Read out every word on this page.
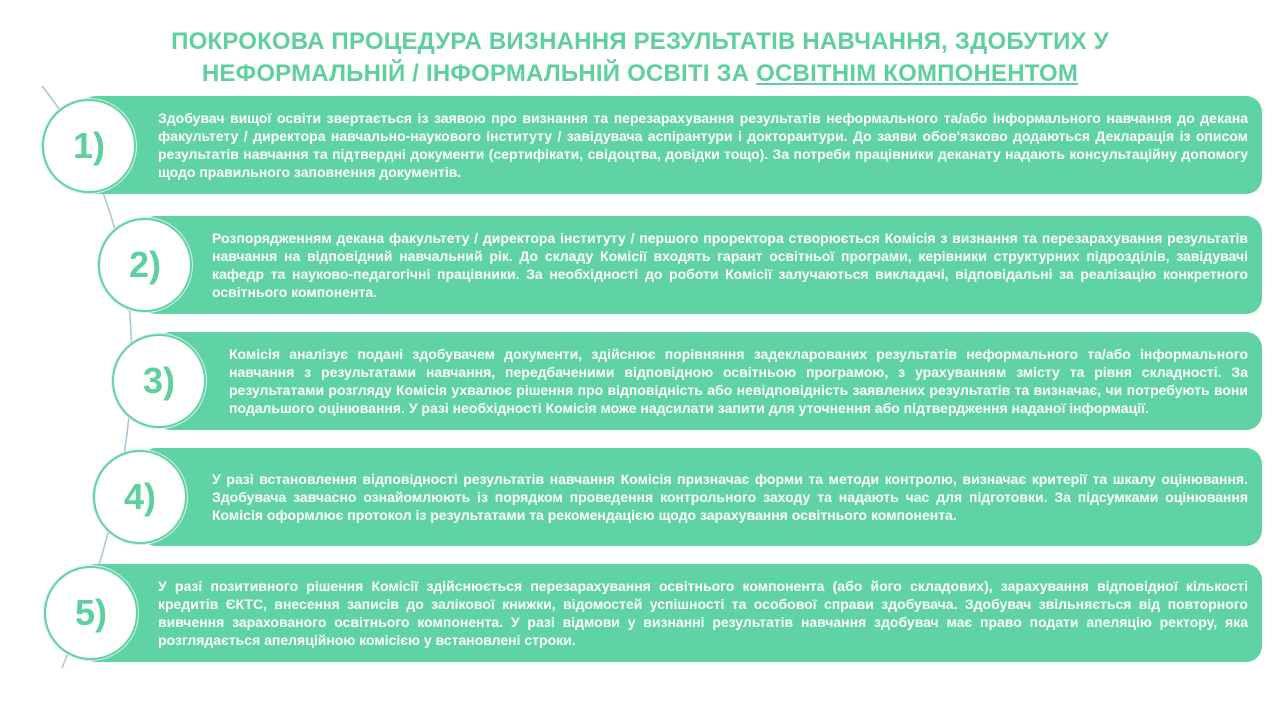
ПОКРОКОВА ПРОЦЕДУРА ВИЗНАННЯ РЕЗУЛЬТАТІВ НАВЧАННЯ, ЗДОБУТИХ У
НЕФОРМАЛЬНІЙ / ІНФОРМАЛЬНІЙ ОСВІТІ ЗА ОСВІТНІМ КОМПОНЕНТОМ
Здобувач вищої освіти звертається із заявою про визнання та перезарахування результатів неформального та/або інформального навчання до декана факультету / директора навчально-наукового інституту / завідувача аспірантури і докторантури. До заяви обов'язково додаються Декларація із описом результатів навчання та підтвердні документи (сертифікати, свідоцтва, довідки тощо). За потреби працівники деканату надають консультаційну допомогу щодо правильного заповнення документів.
1)
Розпорядженням декана факультету / директора інституту / першого проректора створюється Комісія з визнання та перезарахування результатів навчання на відповідний навчальний рік. До складу Комісії входять гарант освітньої програми, керівники структурних підрозділів, завідувачі кафедр та науково-педагогічні працівники. За необхідності до роботи Комісії залучаються викладачі, відповідальні за реалізацію конкретного освітнього компонента.
2)
Комісія аналізує подані здобувачем документи, здійснює порівняння задекларованих результатів неформального та/або інформального навчання з результатами навчання, передбаченими відповідною освітньою програмою, з урахуванням змісту та рівня складності. За результатами розгляду Комісія ухвалює рішення про відповідність або невідповідність заявлених результатів та визначає, чи потребують вони подальшого оцінювання. У разі необхідності Комісія може надсилати запити для уточнення або підтвердження наданої інформації.
3)
У разі встановлення відповідності результатів навчання Комісія призначає форми та методи контролю, визначає критерії та шкалу оцінювання. Здобувача завчасно ознайомлюють із порядком проведення контрольного заходу та надають час для підготовки. За підсумками оцінювання Комісія оформлює протокол із результатами та рекомендацією щодо зарахування освітнього компонента.
4)
У разі позитивного рішення Комісії здійснюється перезарахування освітнього компонента (або його складових), зарахування відповідної кількості кредитів ЄКТС, внесення записів до залікової книжки, відомостей успішності та особової справи здобувача. Здобувач звільняється від повторного вивчення зарахованого освітнього компонента. У разі відмови у визнанні результатів навчання здобувач має право подати апеляцію ректору, яка розглядається апеляційною комісією у встановлені строки.
5)
